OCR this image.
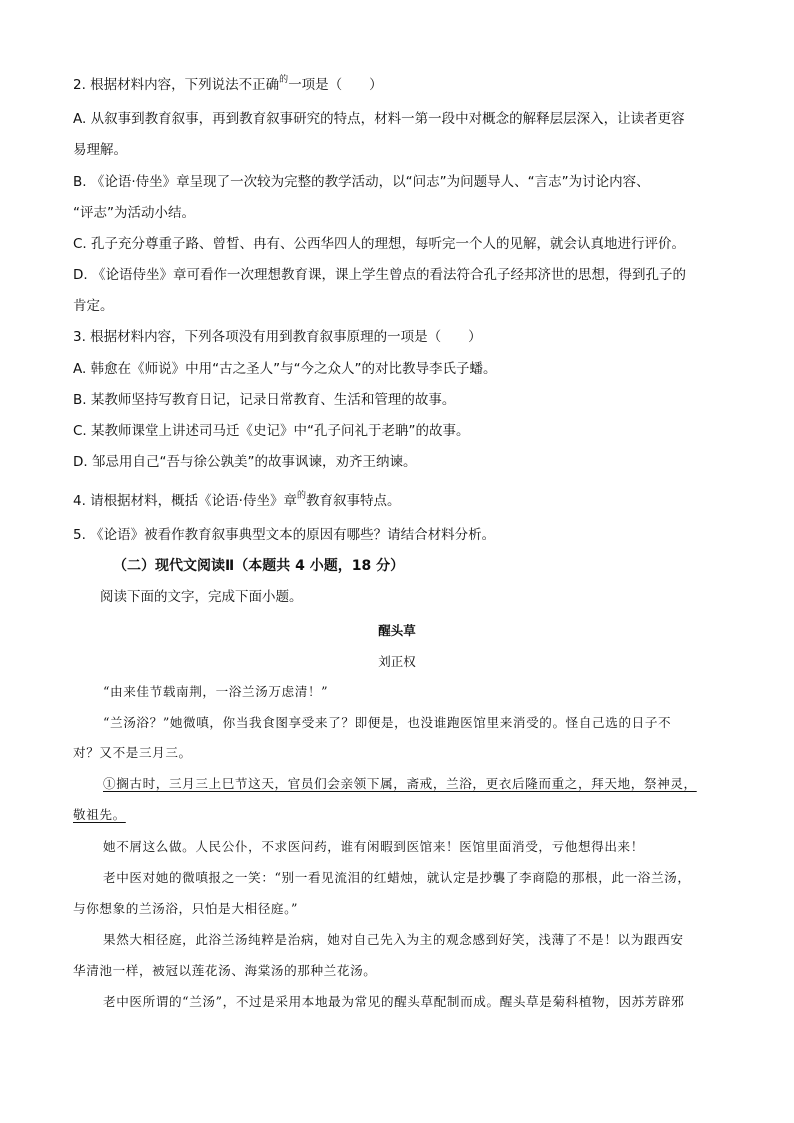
2. 根据材料内容，下列说法不正确$^的$一项是（　　）
A. 从叙事到教育叙事，再到教育叙事研究的特点，材料一第一段中对概念的解释层层深入，让读者更容
易理解。
B. 《论语·侍坐》章呈现了一次较为完整的教学活动，以“问志”为问题导人、“言志”为讨论内容、
“评志”为活动小结。
C. 孔子充分尊重子路、曾晳、冉有、公西华四人的理想，每听完一个人的见解，就会认真地进行评价。
D. 《论语侍坐》章可看作一次理想教育课，课上学生曾点的看法符合孔子经邦济世的思想，得到孔子的
肯定。
3. 根据材料内容，下列各项没有用到教育叙事原理的一项是（　　）
A. 韩愈在《师说》中用“古之圣人”与“今之众人”的对比教导李氏子蟠。
B. 某教师坚持写教育日记，记录日常教育、生活和管理的故事。
C. 某教师课堂上讲述司马迁《史记》中“孔子问礼于老聃”的故事。
D. 邹忌用自己“吾与徐公孰美”的故事讽谏，劝齐王纳谏。
4. 请根据材料，概括《论语·侍坐》章$^的$教育叙事特点。
5. 《论语》被看作教育叙事典型文本的原因有哪些？请结合材料分析。
（二）现代文阅读Ⅱ（本题共 4 小题，18 分）
阅读下面的文字，完成下面小题。
醒头草
刘正权
“由来佳节载南荆，一浴兰汤万虑清！”
“兰汤浴？”她微嗔，你当我食图享受来了？即便是，也没谁跑医馆里来消受的。怪自己选的日子不
对？又不是三月三。
①搁古时，三月三上巳节这天，官员们会亲领下属，斋戒，兰浴，更衣后隆而重之，拜天地，祭神灵，
敬祖先。
她不屑这么做。人民公仆，不求医问药，谁有闲暇到医馆来！医馆里面消受，亏他想得出来！
老中医对她的微嗔报之一笑：“别一看见流泪的红蜡烛，就认定是抄襲了李商隐的那根，此一浴兰汤，
与你想象的兰汤浴，只怕是大相径庭。”
果然大相径庭，此浴兰汤纯粹是治病，她对自己先入为主的观念感到好笑，浅薄了不是！以为跟西安
华清池一样，被冠以莲花汤、海棠汤的那种兰花汤。
老中医所谓的“兰汤”，不过是采用本地最为常见的醒头草配制而成。醒头草是菊科植物，因苏芳辟邪
